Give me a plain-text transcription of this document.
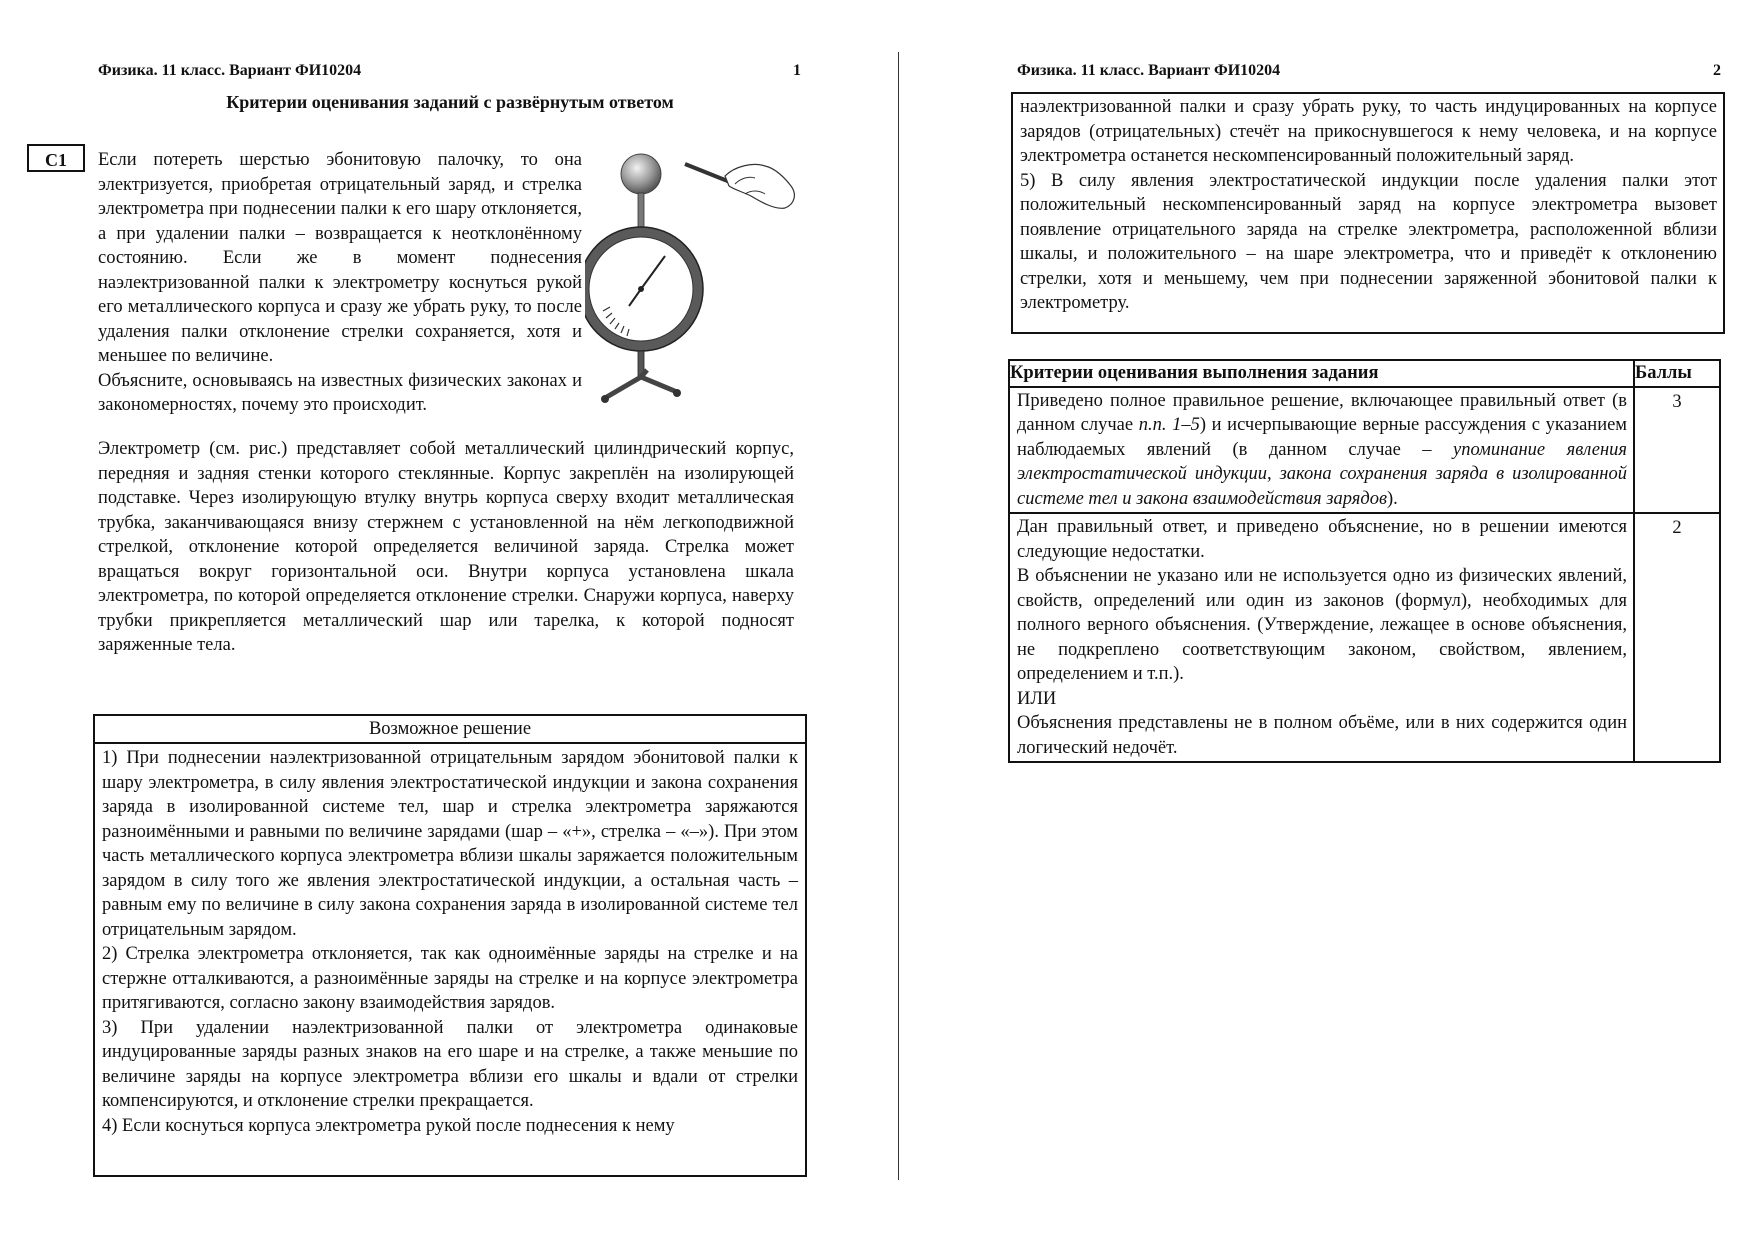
Физика. 11 класс. Вариант ФИ10204	1
Критерии оценивания заданий с развёрнутым ответом
С1	Если потереть шерстью эбонитовую палочку, то она электризуется, приобретая отрицательный заряд, и стрелка электрометра при поднесении палки к его шару отклоняется, а при удалении палки – возвращается к неотклонённому состоянию. Если же в момент поднесения наэлектризованной палки к электрометру коснуться рукой его металлического корпуса и сразу же убрать руку, то после удаления палки отклонение стрелки сохраняется, хотя и меньшее по величине.

Объясните, основываясь на известных физических законах и закономерностях, почему это происходит.

Электрометр (см. рис.) представляет собой металлический цилиндрический корпус, передняя и задняя стенки которого стеклянные. Корпус закреплён на изолирующей подставке. Через изолирующую втулку внутрь корпуса сверху входит металлическая трубка, заканчивающаяся внизу стержнем с установленной на нём легкоподвижной стрелкой, отклонение которой определяется величиной заряда. Стрелка может вращаться вокруг горизонтальной оси. Внутри корпуса установлена шкала электрометра, по которой определяется отклонение стрелки. Снаружи корпуса, наверху трубки прикрепляется металлический шар или тарелка, к которой подносят заряженные тела.

Возможное решение

1) При поднесении наэлектризованной отрицательным зарядом эбонитовой палки к шару электрометра, в силу явления электростатической индукции и закона сохранения заряда в изолированной системе тел, шар и стрелка электрометра заряжаются разноимёнными и равными по величине зарядами (шар – «+», стрелка – «–»). При этом часть металлического корпуса электрометра вблизи шкалы заряжается положительным зарядом в силу того же явления электростатической индукции, а остальная часть – равным ему по величине в силу закона сохранения заряда в изолированной системе тел отрицательным зарядом.

2) Стрелка электрометра отклоняется, так как одноимённые заряды на стрелке и на стержне отталкиваются, а разноимённые заряды на стрелке и на корпусе электрометра притягиваются, согласно закону взаимодействия зарядов.

3) При удалении наэлектризованной палки от электрометра одинаковые индуцированные заряды разных знаков на его шаре и на стрелке, а также меньшие по величине заряды на корпусе электрометра вблизи его шкалы и вдали от стрелки компенсируются, и отклонение стрелки прекращается.

4) Если коснуться корпуса электрометра рукой после поднесения к нему

Физика. 11 класс. Вариант ФИ10204	2

наэлектризованной палки и сразу убрать руку, то часть индуцированных на корпусе зарядов (отрицательных) стечёт на прикоснувшегося к нему человека, и на корпусе электрометра останется нескомпенсированный положительный заряд.

5) В силу явления электростатической индукции после удаления палки этот положительный нескомпенсированный заряд на корпусе электрометра вызовет появление отрицательного заряда на стрелке электрометра, расположенной вблизи шкалы, и положительного – на шаре электрометра, что и приведёт к отклонению стрелки, хотя и меньшему, чем при поднесении заряженной эбонитовой палки к электрометру.

Критерии оценивания выполнения задания	Баллы
Приведено полное правильное решение, включающее правильный ответ (в данном случае п.п. 1–5) и исчерпывающие верные рассуждения с указанием наблюдаемых явлений (в данном случае – упоминание явления электростатической индукции, закона сохранения заряда в изолированной системе тел и закона взаимодействия зарядов).	3

Дан правильный ответ, и приведено объяснение, но в решении имеются следующие недостатки.

В объяснении не указано или не используется одно из физических явлений, свойств, определений или один из законов (формул), необходимых для полного верного объяснения. (Утверждение, лежащее в основе объяснения, не подкреплено соответствующим законом, свойством, явлением, определением и т.п.).

ИЛИ

Объяснения представлены не в полном объёме, или в них содержится один логический недочёт.	2
